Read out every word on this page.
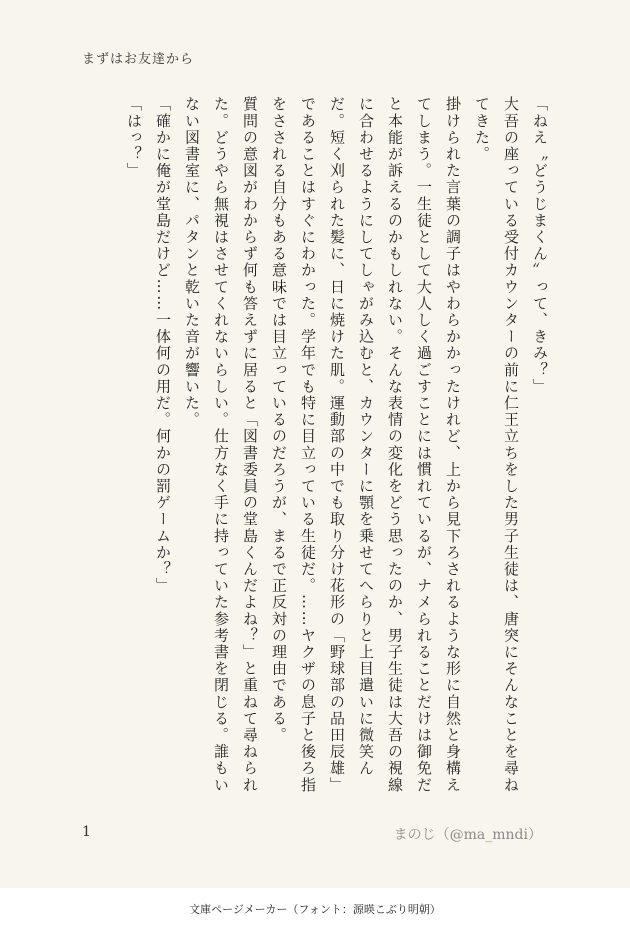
まずはお友達から

「ねえ〝どうじまくん〟って、きみ？」

大吾の座っている受付カウンターの前に仁王立ちをした男子生徒は、唐突にそんなことを尋ねてきた。

掛けられた言葉の調子はやわらかかったけれど、上から見下ろされるような形に自然と身構えてしまう。一生徒として大人しく過ごすことには慣れているが、ナメられることだけは御免だと本能が訴えるのかもしれない。そんな表情の変化をどう思ったのか、男子生徒は大吾の視線に合わせるようにしてしゃがみ込むと、カウンターに顎を乗せてへらりと上目遣いに微笑んだ。短く刈られた髪に、日に焼けた肌。運動部の中でも取り分け花形の「野球部の品田辰雄」であることはすぐにわかった。学年でも特に目立っている生徒だ。……ヤクザの息子と後ろ指をさされる自分もある意味では目立っているのだろうが、まるで正反対の理由である。

質問の意図がわからず何も答えずに居ると「図書委員の堂島くんだよね？」と重ねて尋ねられた。どうやら無視はさせてくれないらしい。仕方なく手に持っていた参考書を閉じる。誰もいない図書室に、パタンと乾いた音が響いた。

「確かに俺が堂島だけど……一体何の用だ。何かの罰ゲームか？」

「はっ？」

1	まのじ（@ma_mndi）
文庫ページメーカー（フォント：源暎こぶり明朝）
